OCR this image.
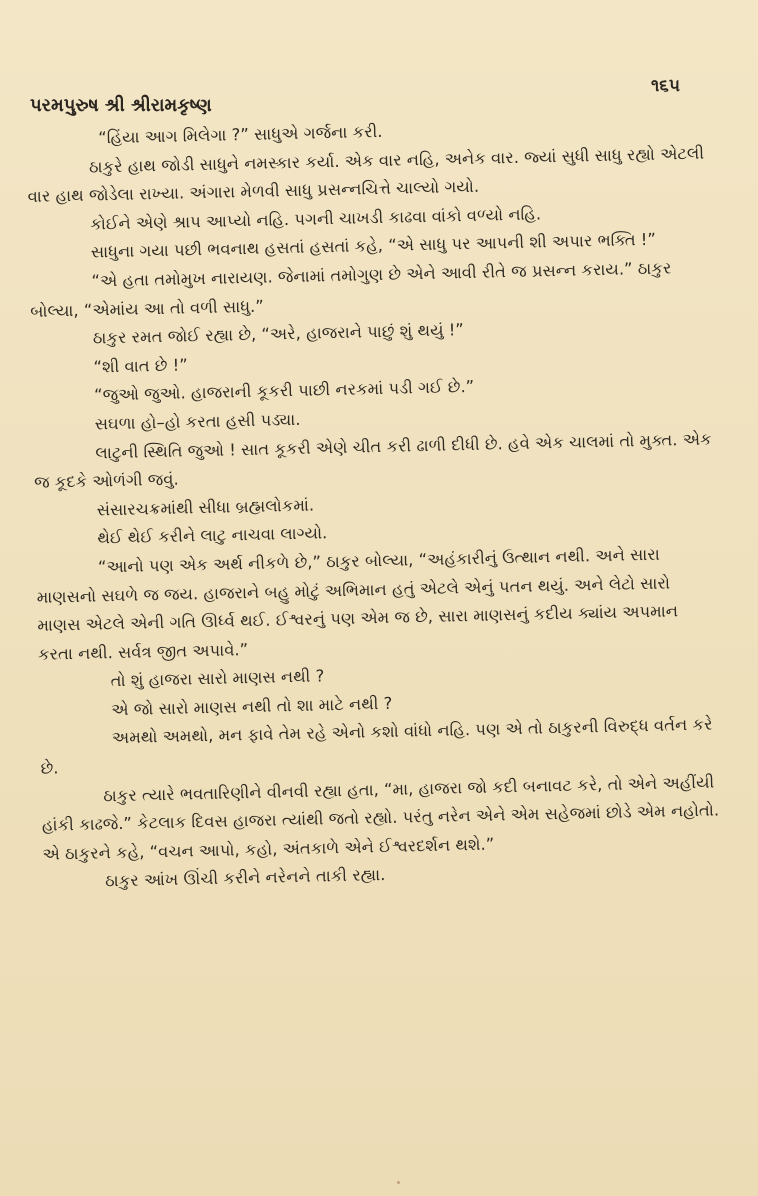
પરમપુરુષ શ્રી શ્રીરામકૃષ્ણ
૧૬૫

“હિંયા આગ મિલેગા ?” સાધુએ ગર્જના કરી.

ઠાકુરે હાથ જોડી સાધુને નમસ્કાર કર્યા. એક વાર નહિ, અનેક વાર. જ્યાં સુધી સાધુ રહ્યો એટલી વાર હાથ જોડેલા રાખ્યા. અંગારા મેળવી સાધુ પ્રસન્નચિત્તે ચાલ્યો ગયો.

કોઈને એણે શ્રાપ આપ્યો નહિ. પગની ચાખડી કાઢવા વાંકો વળ્યો નહિ.

સાધુના ગયા પછી ભવનાથ હસતાં હસતાં કહે, “એ સાધુ પર આપની શી અપાર ભક્તિ !”

“એ હતા તમોમુખ નારાયણ. જેનામાં તમોગુણ છે એને આવી રીતે જ પ્રસન્ન કરાય.” ઠાકુર બોલ્યા, “એમાંય આ તો વળી સાધુ.”

ઠાકુર રમત જોઈ રહ્યા છે, “અરે, હાજરાને પાછું શું થયું !”

“શી વાત છે !”

“જુઓ જુઓ. હાજરાની કૂકરી પાછી નરકમાં પડી ગઈ છે.”

સઘળા હો–હો કરતા હસી પડ્યા.

લાટુની સ્થિતિ જુઓ ! સાત કૂકરી એણે ચીત કરી ઢાળી દીધી છે. હવે એક ચાલમાં તો મુક્ત. એક જ કૂદકે ઓળંગી જવું.

સંસારચક્રમાંથી સીધા બ્રહ્મલોકમાં.

થેઈ થેઈ કરીને લાટુ નાચવા લાગ્યો.

“આનો પણ એક અર્થ નીકળે છે,” ઠાકુર બોલ્યા, “અહંકારીનું ઉત્થાન નથી. અને સારા માણસનો સઘળે જ જય. હાજરાને બહુ મોટું અભિમાન હતું એટલે એનું પતન થયું. અને લેટો સારો માણસ એટલે એની ગતિ ઊર્ધ્વ થઈ. ઈશ્વરનું પણ એમ જ છે, સારા માણસનું કદીય ક્યાંય અપમાન કરતા નથી. સર્વત્ર જીત અપાવે.”

તો શું હાજરા સારો માણસ નથી ?

એ જો સારો માણસ નથી તો શા માટે નથી ?

અમથો અમથો, મન ફાવે તેમ રહે એનો કશો વાંધો નહિ. પણ એ તો ઠાકુરની વિરુદ્ધ વર્તન કરે છે.

ઠાકુર ત્યારે ભવતારિણીને વીનવી રહ્યા હતા, “મા, હાજરા જો કદી બનાવટ કરે, તો એને અહીંયી હાંકી કાઢજે.” કેટલાક દિવસ હાજરા ત્યાંથી જતો રહ્યો. પરંતુ નરેન એને એમ સહેજમાં છોડે એમ નહોતો. એ ઠાકુરને કહે, “વચન આપો, કહો, અંતકાળે એને ઈશ્વરદર્શન થશે.”

ઠાકુર આંખ ઊંચી કરીને નરેનને તાકી રહ્યા.
